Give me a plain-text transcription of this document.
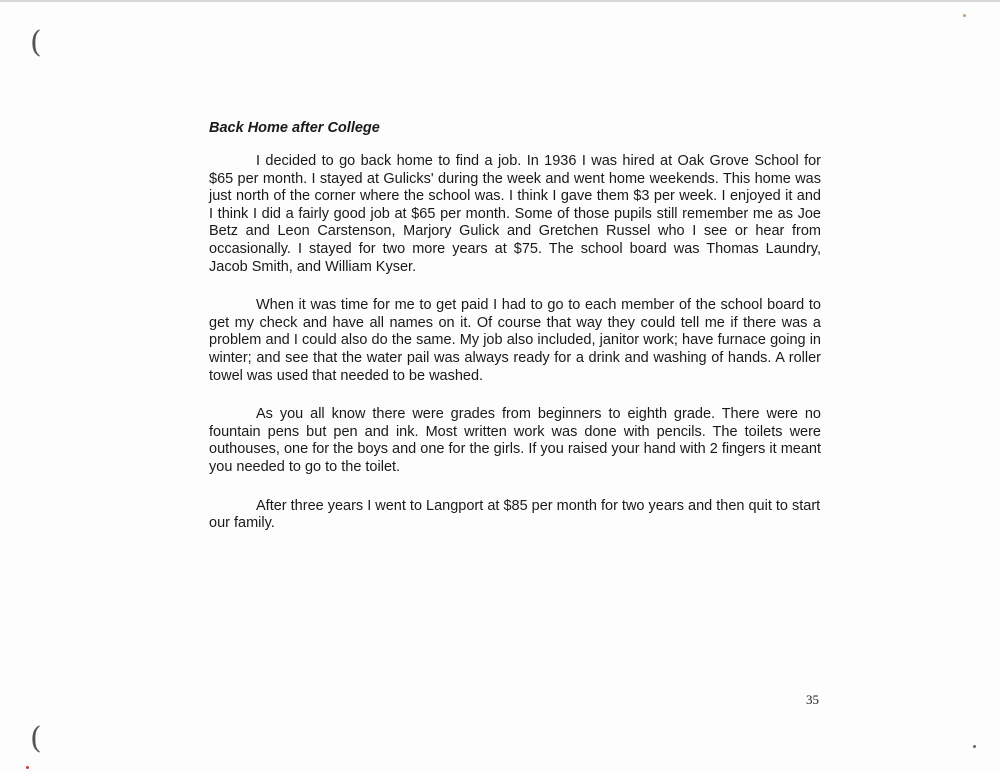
(
(
Back Home after College

I decided to go back home to find a job. In 1936 I was hired at Oak Grove School for $65 per month. I stayed at Gulicks' during the week and went home weekends. This home was just north of the corner where the school was. I think I gave them $3 per week. I enjoyed it and I think I did a fairly good job at $65 per month. Some of those pupils still remember me as Joe Betz and Leon Carstenson, Marjory Gulick and Gretchen Russel who I see or hear from occasionally. I stayed for two more years at $75. The school board was Thomas Laundry, Jacob Smith, and William Kyser.

When it was time for me to get paid I had to go to each member of the school board to get my check and have all names on it. Of course that way they could tell me if there was a problem and I could also do the same. My job also included, janitor work; have furnace going in winter; and see that the water pail was always ready for a drink and washing of hands. A roller towel was used that needed to be washed.

As you all know there were grades from beginners to eighth grade. There were no fountain pens but pen and ink. Most written work was done with pencils. The toilets were outhouses, one for the boys and one for the girls. If you raised your hand with 2 fingers it meant you needed to go to the toilet.

After three years I went to Langport at $85 per month for two years and then quit to start our family.

35
